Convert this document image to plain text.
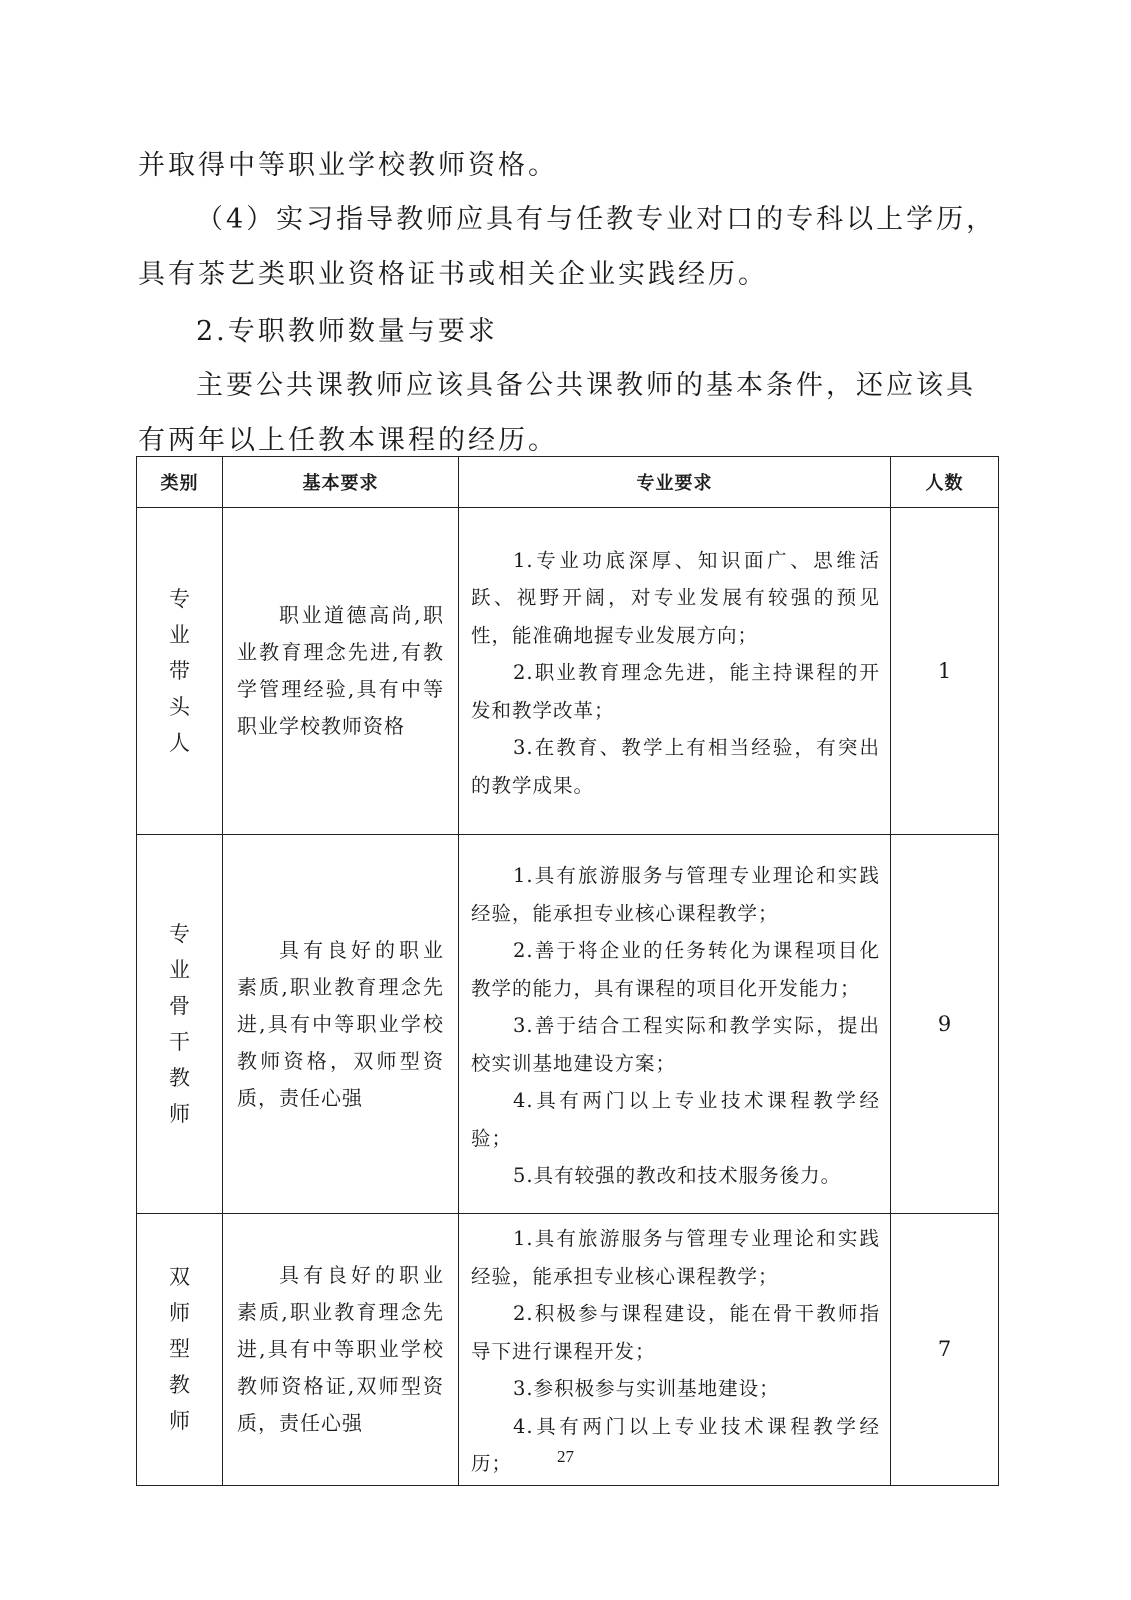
并取得中等职业学校教师资格。

（4）实习指导教师应具有与任教专业对口的专科以上学历，具有茶艺类职业资格证书或相关企业实践经历。

2.专职教师数量与要求

主要公共课教师应该具备公共课教师的基本条件，还应该具有两年以上任教本课程的经历。

类别	基本要求	专业要求	人数

专业带头人	职业道德高尚,职业教育理念先进,有教学管理经验,具有中等职业学校教师资格	1.专业功底深厚、知识面广、思维活跃、视野开阔，对专业发展有较强的预见性，能准确地握专业发展方向；

2.职业教育理念先进，能主持课程的开发和教学改革；

3.在教育、教学上有相当经验，有突出的教学成果。	1

专业骨干教师	具有良好的职业素质,职业教育理念先进,具有中等职业学校教师资格，双师型资质，责任心强	1.具有旅游服务与管理专业理论和实践经验，能承担专业核心课程教学；

2.善于将企业的任务转化为课程项目化教学的能力，具有课程的项目化开发能力；

3.善于结合工程实际和教学实际，提出校实训基地建设方案；

4.具有两门以上专业技术课程教学经验；

5.具有较强的教改和技术服务後力。	9

双师型教师	具有良好的职业素质,职业教育理念先进,具有中等职业学校教师资格证,双师型资质，责任心强	1.具有旅游服务与管理专业理论和实践经验，能承担专业核心课程教学；

2.积极参与课程建设，能在骨干教师指导下进行课程开发；

3.参积极参与实训基地建设；

4.具有两门以上专业技术课程教学经历；	7
27
